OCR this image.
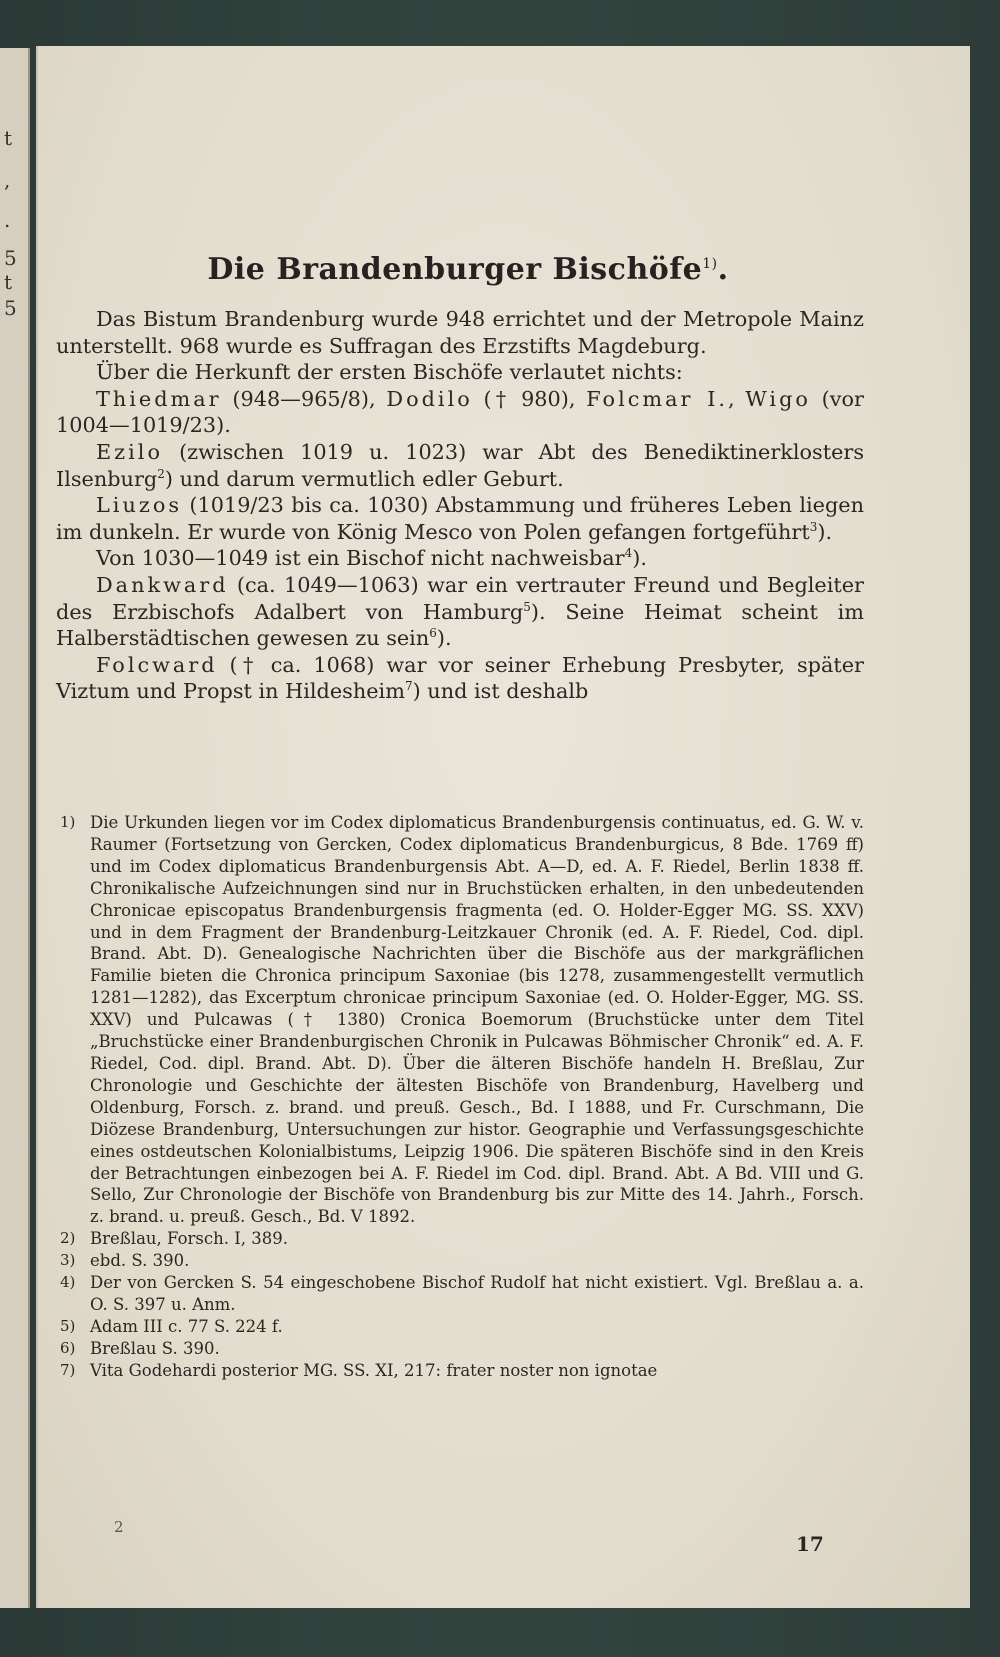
t
,
.
5
t
5
Die Brandenburger Bischöfe$^{1)}$.

Das Bistum Brandenburg wurde 948 errichtet und der Metropole Mainz unterstellt. 968 wurde es Suffragan des Erzstifts Magdeburg.

Über die Herkunft der ersten Bischöfe verlautet nichts:

Thiedmar (948—965/8), Dodilo († 980), Folcmar I., Wigo (vor 1004—1019/23).

Ezilo (zwischen 1019 u. 1023) war Abt des Benediktinerklosters Ilsenburg$^2$) und darum vermutlich edler Geburt.

Liuzos (1019/23 bis ca. 1030) Abstammung und früheres Leben liegen im dunkeln. Er wurde von König Mesco von Polen gefangen fortgeführt$^3$).

Von 1030—1049 ist ein Bischof nicht nachweisbar$^4$).

Dankward (ca. 1049—1063) war ein vertrauter Freund und Begleiter des Erzbischofs Adalbert von Hamburg$^5$). Seine Heimat scheint im Halberstädtischen gewesen zu sein$^6$).

Folcward († ca. 1068) war vor seiner Erhebung Presbyter, später Viztum und Propst in Hildesheim$^7$) und ist deshalb

1) Die Urkunden liegen vor im Codex diplomaticus Brandenburgensis continuatus, ed. G. W. v. Raumer (Fortsetzung von Gercken, Codex diplomaticus Brandenburgicus, 8 Bde. 1769 ff) und im Codex diplomaticus Brandenburgensis Abt. A—D, ed. A. F. Riedel, Berlin 1838 ff. Chronikalische Aufzeichnungen sind nur in Bruchstücken erhalten, in den unbedeutenden Chronicae episcopatus Brandenburgensis fragmenta (ed. O. Holder-Egger MG. SS. XXV) und in dem Fragment der Brandenburg-Leitzkauer Chronik (ed. A. F. Riedel, Cod. dipl. Brand. Abt. D). Genealogische Nachrichten über die Bischöfe aus der markgräflichen Familie bieten die Chronica principum Saxoniae (bis 1278, zusammengestellt vermutlich 1281—1282), das Excerptum chronicae principum Saxoniae (ed. O. Holder-Egger, MG. SS. XXV) und Pulcawas († 1380) Cronica Boemorum (Bruchstücke unter dem Titel „Bruchstücke einer Brandenburgischen Chronik in Pulcawas Böhmischer Chronik“ ed. A. F. Riedel, Cod. dipl. Brand. Abt. D). Über die älteren Bischöfe handeln H. Breßlau, Zur Chronologie und Geschichte der ältesten Bischöfe von Brandenburg, Havelberg und Oldenburg, Forsch. z. brand. und preuß. Gesch., Bd. I 1888, und Fr. Curschmann, Die Diözese Brandenburg, Untersuchungen zur histor. Geographie und Verfassungsgeschichte eines ostdeutschen Kolonialbistums, Leipzig 1906. Die späteren Bischöfe sind in den Kreis der Betrachtungen einbezogen bei A. F. Riedel im Cod. dipl. Brand. Abt. A Bd. VIII und G. Sello, Zur Chronologie der Bischöfe von Brandenburg bis zur Mitte des 14. Jahrh., Forsch. z. brand. u. preuß. Gesch., Bd. V 1892.

2) Breßlau, Forsch. I, 389.

3) ebd. S. 390.

4) Der von Gercken S. 54 eingeschobene Bischof Rudolf hat nicht existiert. Vgl. Breßlau a. a. O. S. 397 u. Anm.

5) Adam III c. 77 S. 224 f.

6) Breßlau S. 390.

7) Vita Godehardi posterior MG. SS. XI, 217: frater noster non ignotae

2
17
